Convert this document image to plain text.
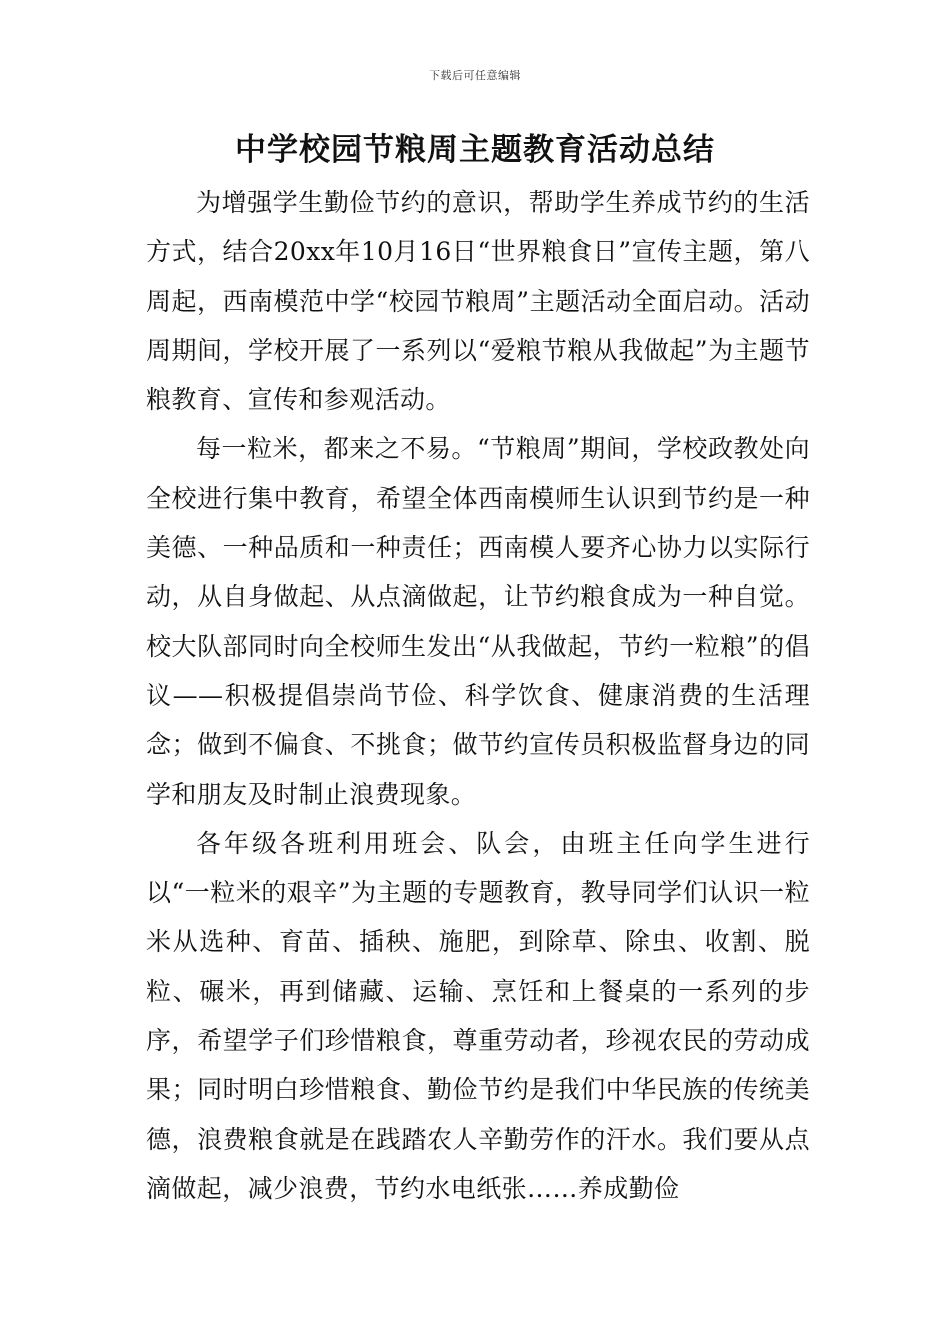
下载后可任意编辑
中学校园节粮周主题教育活动总结

为增强学生勤俭节约的意识，帮助学生养成节约的生活方式，结合20xx年10月16日“世界粮食日”宣传主题，第八周起，西南模范中学“校园节粮周”主题活动全面启动。活动周期间，学校开展了一系列以“爱粮节粮从我做起”为主题节粮教育、宣传和参观活动。

每一粒米，都来之不易。“节粮周”期间，学校政教处向全校进行集中教育，希望全体西南模师生认识到节约是一种美德、一种品质和一种责任；西南模人要齐心协力以实际行动，从自身做起、从点滴做起，让节约粮食成为一种自觉。校大队部同时向全校师生发出“从我做起，节约一粒粮”的倡议——积极提倡崇尚节俭、科学饮食、健康消费的生活理念；做到不偏食、不挑食；做节约宣传员积极监督身边的同学和朋友及时制止浪费现象。

各年级各班利用班会、队会，由班主任向学生进行以“一粒米的艰辛”为主题的专题教育，教导同学们认识一粒米从选种、育苗、插秧、施肥，到除草、除虫、收割、脱粒、碾米，再到储藏、运输、烹饪和上餐桌的一系列的步序，希望学子们珍惜粮食，尊重劳动者，珍视农民的劳动成果；同时明白珍惜粮食、勤俭节约是我们中华民族的传统美德，浪费粮食就是在践踏农人辛勤劳作的汗水。我们要从点滴做起，减少浪费，节约水电纸张……养成勤俭
